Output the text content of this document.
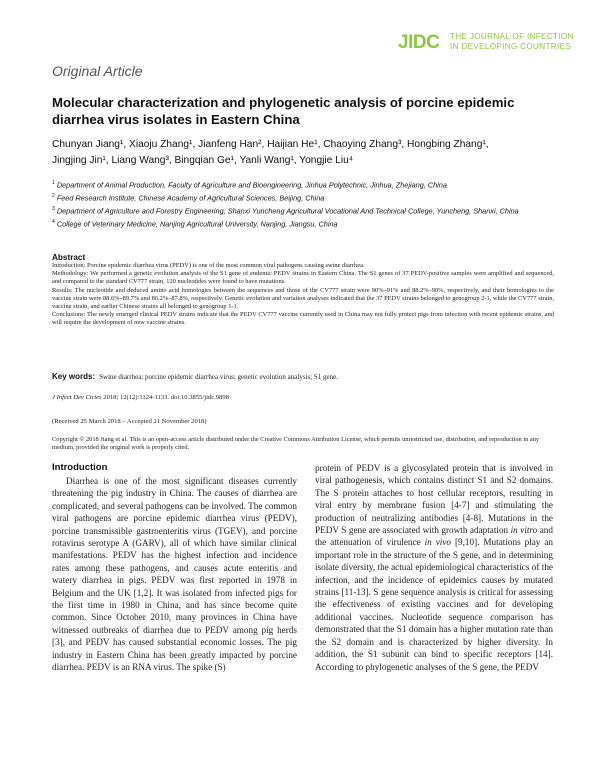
JIDC THE JOURNAL OF INFECTION
IN DEVELOPING COUNTRIES
Original Article
Molecular characterization and phylogenetic analysis of porcine epidemic diarrhea virus isolates in Eastern China
Chunyan Jiang¹, Xiaoju Zhang¹, Jianfeng Han², Haijian He¹, Chaoying Zhang³, Hongbing Zhang¹,
Jingjing Jin¹, Liang Wang³, Bingqian Ge¹, Yanli Wang¹, Yongjie Liu⁴

$^1$ Department of Animal Production, Faculty of Agriculture and Bioengineering, Jinhua Polytechnic, Jinhua, Zhejiang, China

$^2$ Feed Research Institute, Chinese Academy of Agricultural Sciences, Beijing, China

$^3$ Department of Agriculture and Forestry Engineering, Shanxi Yuncheng Agricultural Vocational And Technical College, Yuncheng, Shanxi, China

$^4$ College of Veterinary Medicine, Nanjing Agricultural University, Nanjing, Jiangsu, China

Abstract

Introduction: Porcine epidemic diarrhea virus (PEDV) is one of the most common viral pathogens causing swine diarrhea.

Methodology: We performed a genetic evolution analysis of the S1 gene of endemic PEDV strains in Eastern China. The S1 genes of 37 PEDV-positive samples were amplified and sequenced, and compared to the standard CV777 strain, 120 nucleotides were found to have mutations.

Results: The nucleotide and deduced amino acid homologies between the sequences and those of the CV777 strain were 90%–91% and 88.2%–90%, respectively, and their homologies to the vaccine strain were 88.6%–89.7% and 86.2%–87.8%, respectively. Genetic evolution and variation analyses indicated that the 37 PEDV strains belonged to genogroup 2-1, while the CV777 strain, vaccine strain, and earlier Chinese strains all belonged to genogroup 1-1.

Conclusions: The newly emerged clinical PEDV strains indicate that the PEDV CV777 vaccine currently used in China may not fully protect pigs from infection with recent epidemic strains, and will require the development of new vaccine strains.

Key words: Swine diarrhea; porcine epidemic diarrhea virus; genetic evolution analysis; S1 gene.
J Infect Dev Ctries 2018; 12(12):1124-1133. doi:10.3855/jidc.9898
(Received 25 March 2018 – Accepted 21 November 2018)
Copyright © 2018 Jiang et al. This is an open-access article distributed under the Creative Commons Attribution License, which permits unrestricted use, distribution, and reproduction in any medium, provided the original work is properly cited.
Introduction

Diarrhea is one of the most significant diseases currently threatening the pig industry in China. The causes of diarrhea are complicated, and several pathogens can be involved. The common viral pathogens are porcine epidemic diarrhea virus (PEDV), porcine transmissible gastroenteritis virus (TGEV), and porcine rotavirus serotype A (GARV), all of which have similar clinical manifestations. PEDV has the highest infection and incidence rates among these pathogens, and causes acute enteritis and watery diarrhea in pigs. PEDV was first reported in 1978 in Belgium and the UK [1,2]. It was isolated from infected pigs for the first time in 1980 in China, and has since become quite common. Since October 2010, many provinces in China have witnessed outbreaks of diarrhea due to PEDV among pig herds [3], and PEDV has caused substantial economic losses. The pig industry in Eastern China has been greatly impacted by porcine diarrhea. PEDV is an RNA virus. The spike (S)

protein of PEDV is a glycosylated protein that is involved in viral pathogenesis, which contains distinct S1 and S2 domains. The S protein attaches to host cellular receptors, resulting in viral entry by membrane fusion [4-7] and stimulating the production of neutralizing antibodies [4-8]. Mutations in the PEDV S gene are associated with growth adaptation in vitro and the attenuation of virulence in vivo [9,10]. Mutations play an important role in the structure of the S gene, and in determining isolate diversity, the actual epidemiological characteristics of the infection, and the incidence of epidemics causes by mutated strains [11-13]. S gene sequence analysis is critical for assessing the effectiveness of existing vaccines and for developing additional vaccines. Nucleotide sequence comparison has demonstrated that the S1 domain has a higher mutation rate than the S2 domain and is characterized by higher diversity. In addition, the S1 subunit can bind to specific receptors [14]. According to phylogenetic analyses of the S gene, the PEDV
